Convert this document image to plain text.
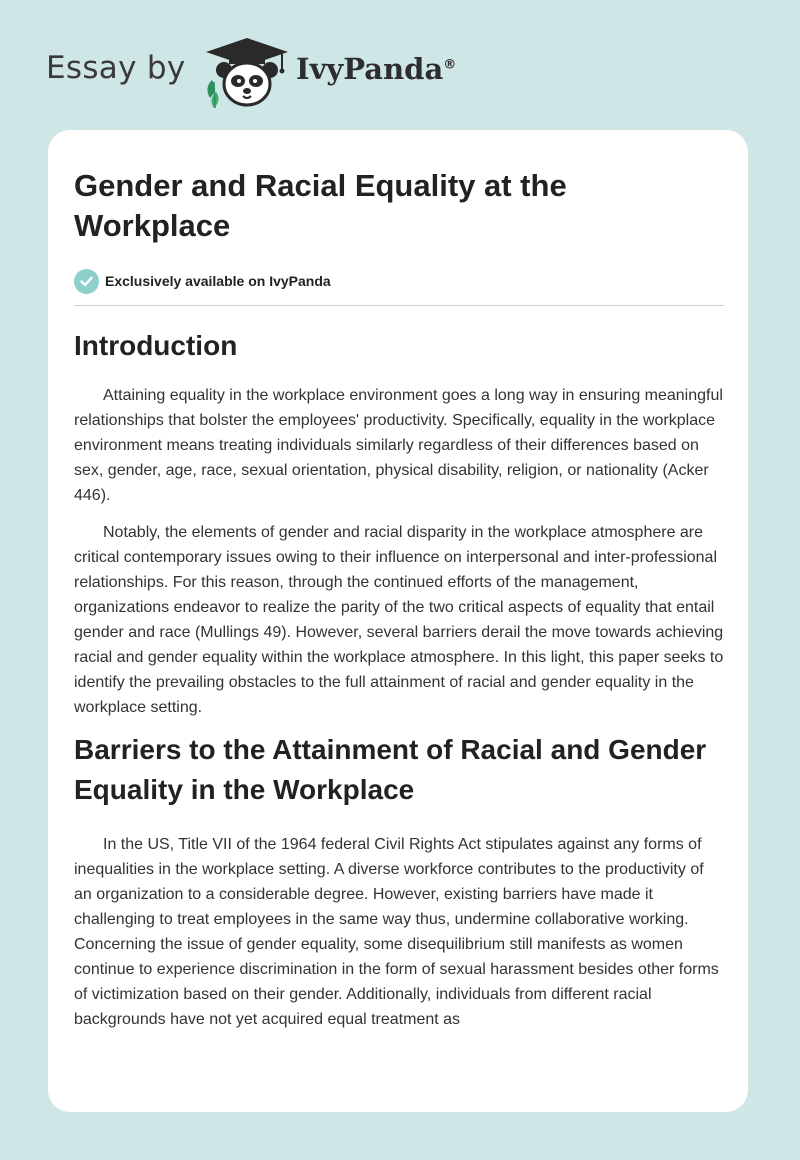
Essay by	IvyPanda®
Gender and Racial Equality at the Workplace
Exclusively available on IvyPanda
Introduction

Attaining equality in the workplace environment goes a long way in ensuring meaningful relationships that bolster the employees' productivity. Specifically, equality in the workplace environment means treating individuals similarly regardless of their differences based on sex, gender, age, race, sexual orientation, physical disability, religion, or nationality (Acker 446).

Notably, the elements of gender and racial disparity in the workplace atmosphere are critical contemporary issues owing to their influence on interpersonal and inter-professional relationships. For this reason, through the continued efforts of the management, organizations endeavor to realize the parity of the two critical aspects of equality that entail gender and race (Mullings 49). However, several barriers derail the move towards achieving racial and gender equality within the workplace atmosphere. In this light, this paper seeks to identify the prevailing obstacles to the full attainment of racial and gender equality in the workplace setting.

Barriers to the Attainment of Racial and Gender Equality in the Workplace

In the US, Title VII of the 1964 federal Civil Rights Act stipulates against any forms of inequalities in the workplace setting. A diverse workforce contributes to the productivity of an organization to a considerable degree. However, existing barriers have made it challenging to treat employees in the same way thus, undermine collaborative working. Concerning the issue of gender equality, some disequilibrium still manifests as women continue to experience discrimination in the form of sexual harassment besides other forms of victimization based on their gender. Additionally, individuals from different racial backgrounds have not yet acquired equal treatment as
